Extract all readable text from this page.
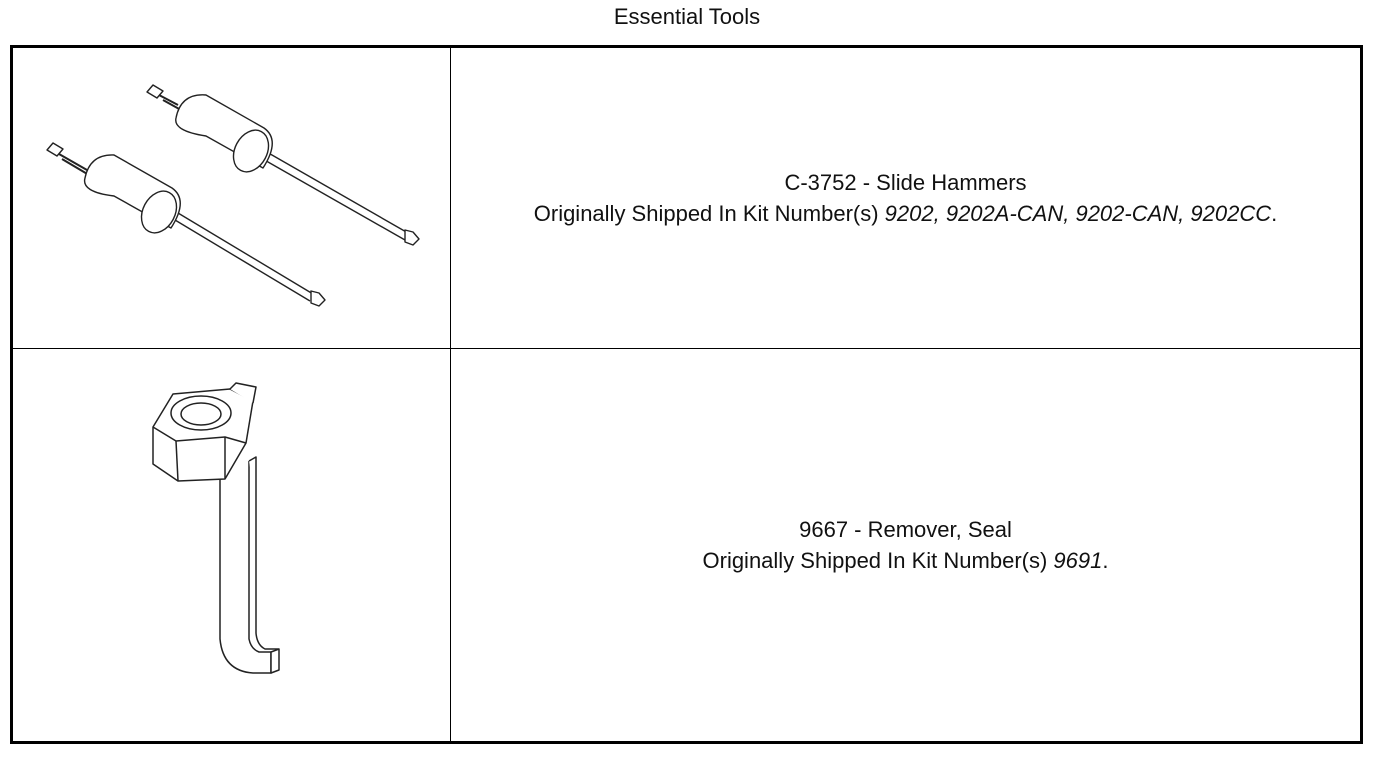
Essential Tools
C-3752 - Slide Hammers
Originally Shipped In Kit Number(s) 9202, 9202A-CAN, 9202-CAN, 9202CC.
9667 - Remover, Seal
Originally Shipped In Kit Number(s) 9691.
